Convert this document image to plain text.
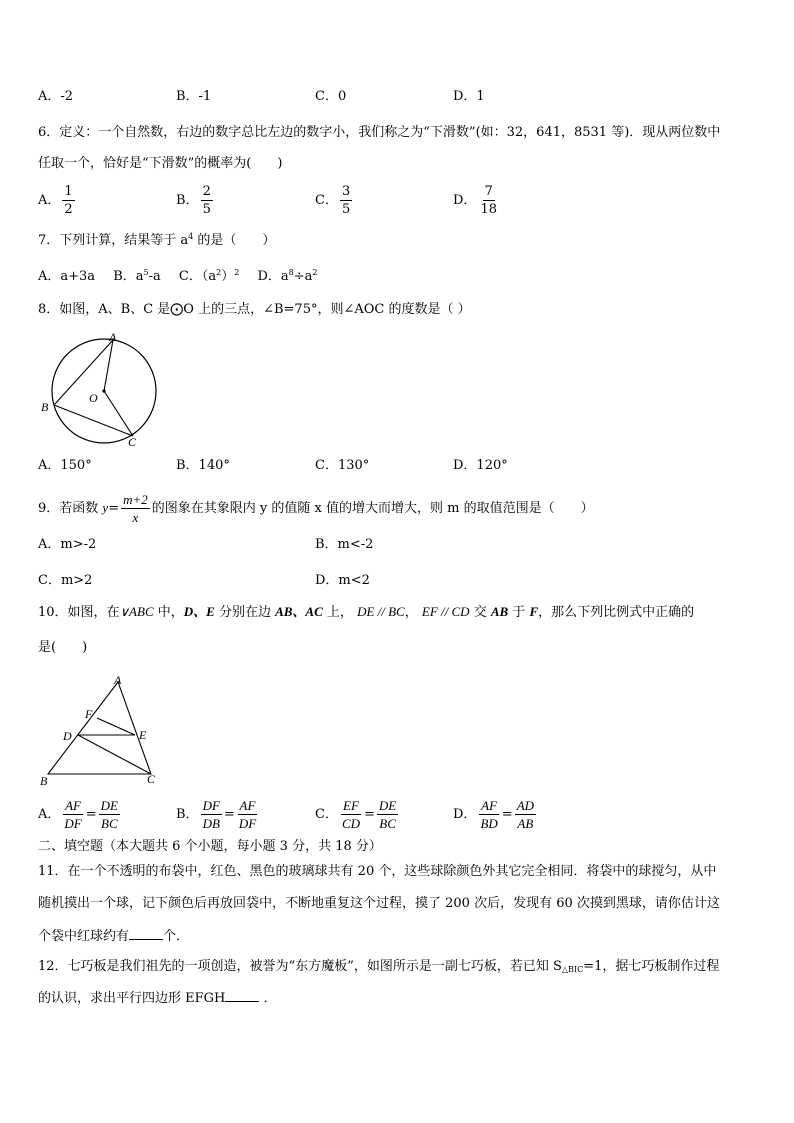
A．-2	B．-1	C．0	D．1
6．定义：一个自然数，右边的数字总比左边的数字小，我们称之为“下滑数”(如：32，641，8531 等)．现从两位数中
任取一个，恰好是“下滑数”的概率为(　　)
A． $\frac{1}{2}$	B． $\frac{2}{5}$	C． $\frac{3}{5}$	D． $\frac{7}{18}$
7．下列计算，结果等于 $a^4$ 的是（　　）
A．a+3a B．$a^5-a$ C．$(a^2)^2$ D．$a^8\div a^2$
8．如图，A、B、C 是⨀O 上的三点，∠B=75°，则∠AOC 的度数是（ ）
A
B
C
O
A．150°	B．140°	C．130°	D．120°
9．若函数 $y= \frac{m+2}{x}$ 的图象在其象限内 y 的值随 x 值的增大而增大，则 m 的取值范围是（　　）
A．m>-2	B．m<-2
C．m>2	D．m<2
10．如图，在∨ABC 中，D、E 分别在边 AB、AC 上， DE // BC， EF // CD 交 AB 于 F，那么下列比例式中正确的
是(　　)
A
B	C
D	E
F
A． $\frac{AF}{DF} = \frac{DE}{BC}$	B． $\frac{DF}{DB} = \frac{AF}{DF}$	C． $\frac{EF}{CD} = \frac{DE}{BC}$	D． $\frac{AF}{BD} = \frac{AD}{AB}$
二、填空题（本大题共 6 个小题，每小题 3 分，共 18 分）
11．在一个不透明的布袋中，红色、黑色的玻璃球共有 20 个，这些球除颜色外其它完全相同．将袋中的球搅匀，从中
随机摸出一个球，记下颜色后再放回袋中，不断地重复这个过程，摸了 200 次后，发现有 60 次摸到黑球，请你估计这
个袋中红球约有	个．
12．七巧板是我们祖先的一项创造，被誉为“东方魔板”，如图所示是一副七巧板，若已知 $S_{\triangle BIC}=1$，据七巧板制作过程
的认识，求出平行四边形 EFGH	．
